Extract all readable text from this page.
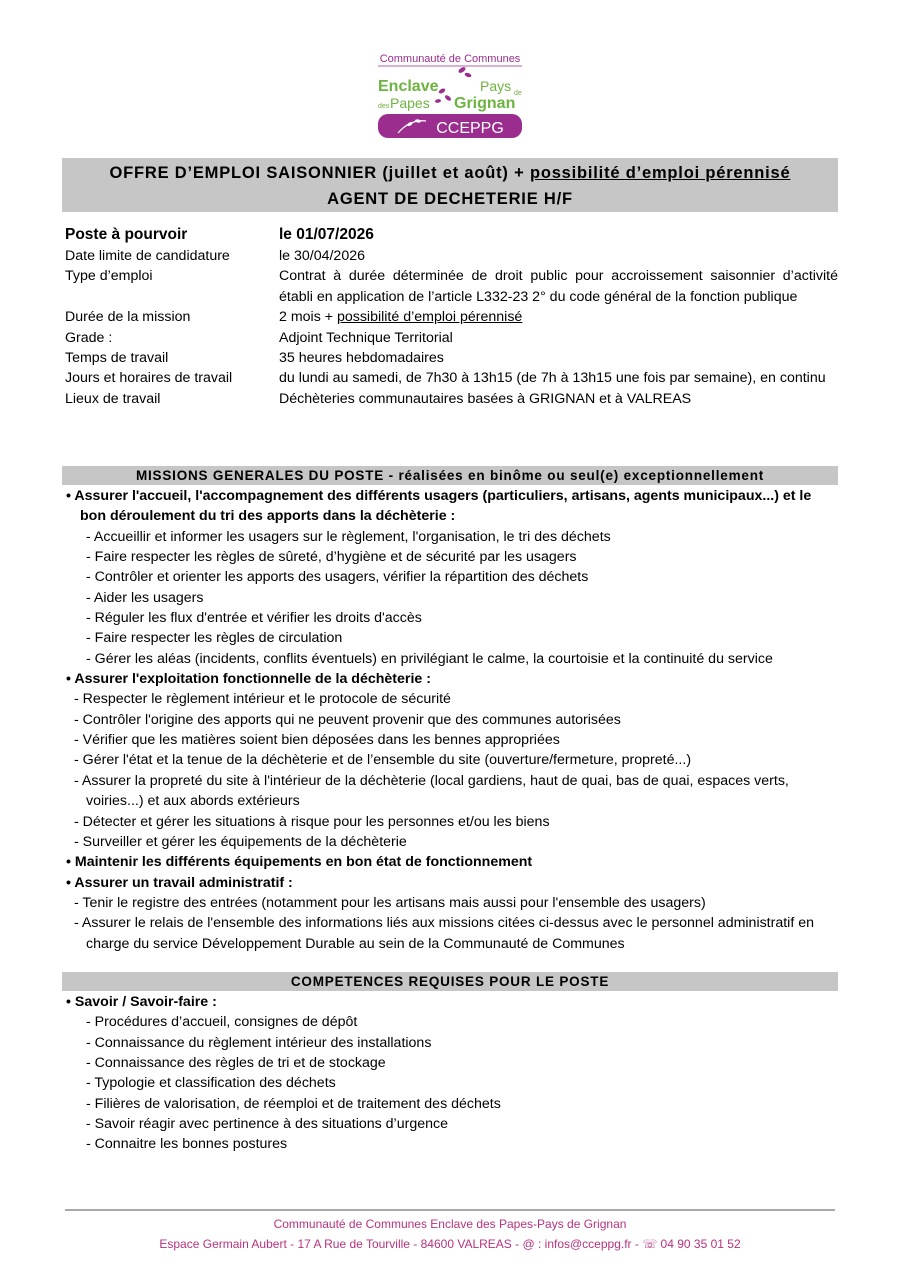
Communauté de Communes
Enclave	Pays
des Papes Grignan
de
CCEPPG
OFFRE D’EMPLOI SAISONNIER (juillet et août) + possibilité d’emploi pérennisé
AGENT DE DECHETERIE H/F
Poste à pourvoir	le 01/07/2026
Date limite de candidature	le 30/04/2026
Type d’emploi	Contrat à durée déterminée de droit public pour accroissement saisonnier d’activité établi en application de l’article L332-23 2° du code général de la fonction publique
Durée de la mission	2 mois + possibilité d’emploi pérennisé
Grade :	Adjoint Technique Territorial
Temps de travail	35 heures hebdomadaires
Jours et horaires de travail	du lundi au samedi, de 7h30 à 13h15 (de 7h à 13h15 une fois par semaine), en continu
Lieux de travail	Déchèteries communautaires basées à GRIGNAN et à VALREAS
MISSIONS GENERALES DU POSTE - réalisées en binôme ou seul(e) exceptionnellement
• Assurer l'accueil, l'accompagnement des différents usagers (particuliers, artisans, agents municipaux...) et le bon déroulement du tri des apports dans la déchèterie :
- Accueillir et informer les usagers sur le règlement, l'organisation, le tri des déchets
- Faire respecter les règles de sûreté, d’hygiène et de sécurité par les usagers
- Contrôler et orienter les apports des usagers, vérifier la répartition des déchets
- Aider les usagers
- Réguler les flux d'entrée et vérifier les droits d'accès
- Faire respecter les règles de circulation
- Gérer les aléas (incidents, conflits éventuels) en privilégiant le calme, la courtoisie et la continuité du service
• Assurer l'exploitation fonctionnelle de la déchèterie :
- Respecter le règlement intérieur et le protocole de sécurité
- Contrôler l'origine des apports qui ne peuvent provenir que des communes autorisées
- Vérifier que les matières soient bien déposées dans les bennes appropriées
- Gérer l'état et la tenue de la déchèterie et de l’ensemble du site (ouverture/fermeture, propreté...)
- Assurer la propreté du site à l'intérieur de la déchèterie (local gardiens, haut de quai, bas de quai, espaces verts, voiries...) et aux abords extérieurs
- Détecter et gérer les situations à risque pour les personnes et/ou les biens
- Surveiller et gérer les équipements de la déchèterie
• Maintenir les différents équipements en bon état de fonctionnement
• Assurer un travail administratif :
- Tenir le registre des entrées (notamment pour les artisans mais aussi pour l'ensemble des usagers)
- Assurer le relais de l'ensemble des informations liés aux missions citées ci-dessus avec le personnel administratif en charge du service Développement Durable au sein de la Communauté de Communes
COMPETENCES REQUISES POUR LE POSTE
• Savoir / Savoir-faire :
- Procédures d’accueil, consignes de dépôt
- Connaissance du règlement intérieur des installations
- Connaissance des règles de tri et de stockage
- Typologie et classification des déchets
- Filières de valorisation, de réemploi et de traitement des déchets
- Savoir réagir avec pertinence à des situations d’urgence
- Connaitre les bonnes postures
Communauté de Communes Enclave des Papes-Pays de Grignan
Espace Germain Aubert - 17 A Rue de Tourville - 84600 VALREAS - @ : infos@cceppg.fr - ☏ 04 90 35 01 52
